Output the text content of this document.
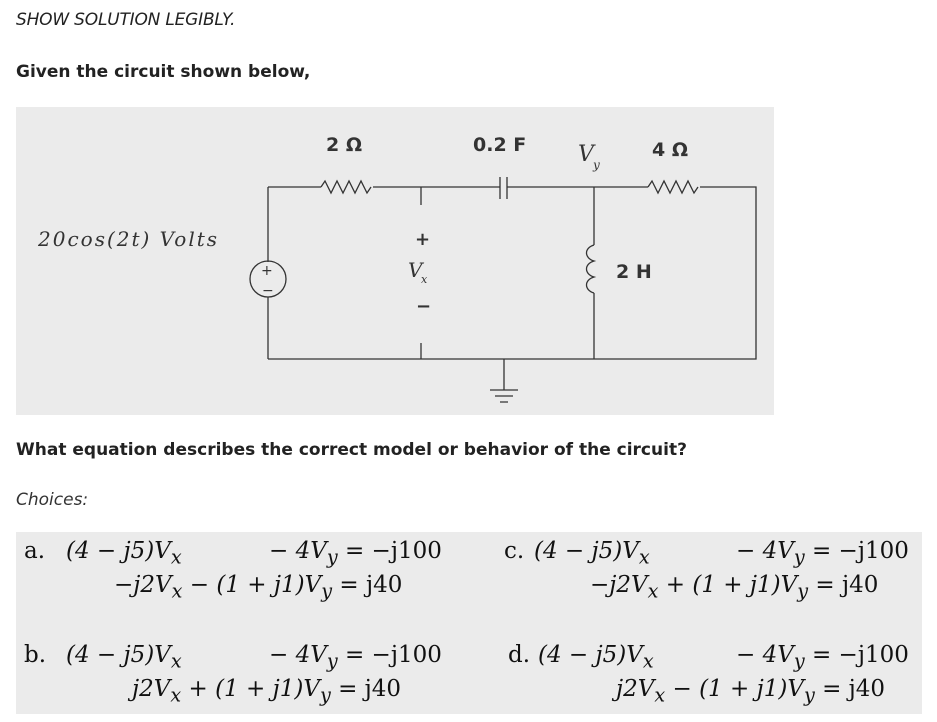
SHOW SOLUTION LEGIBLY.
Given the circuit shown below,
+
−
20cos(2t) Volts
2 Ω	0.2 F V y
4 Ω
+
V
x
−
2 H
What equation describes the correct model or behavior of the circuit?
Choices:
a. $(4 - j5)V_x$	− $4V_y = -j100$
$-j2V_x - (1 + j1)V_y = j40$
b. $(4 - j5)V_x$	− $4V_y = -j100$
$j2V_x + (1 + j1)V_y = j40$
c. $(4 - j5)V_x$	− $4V_y = -j100$
$-j2V_x + (1 + j1)V_y = j40$
d. $(4 - j5)V_x$	− $4V_y = -j100$
$j2V_x - (1 + j1)V_y = j40$
